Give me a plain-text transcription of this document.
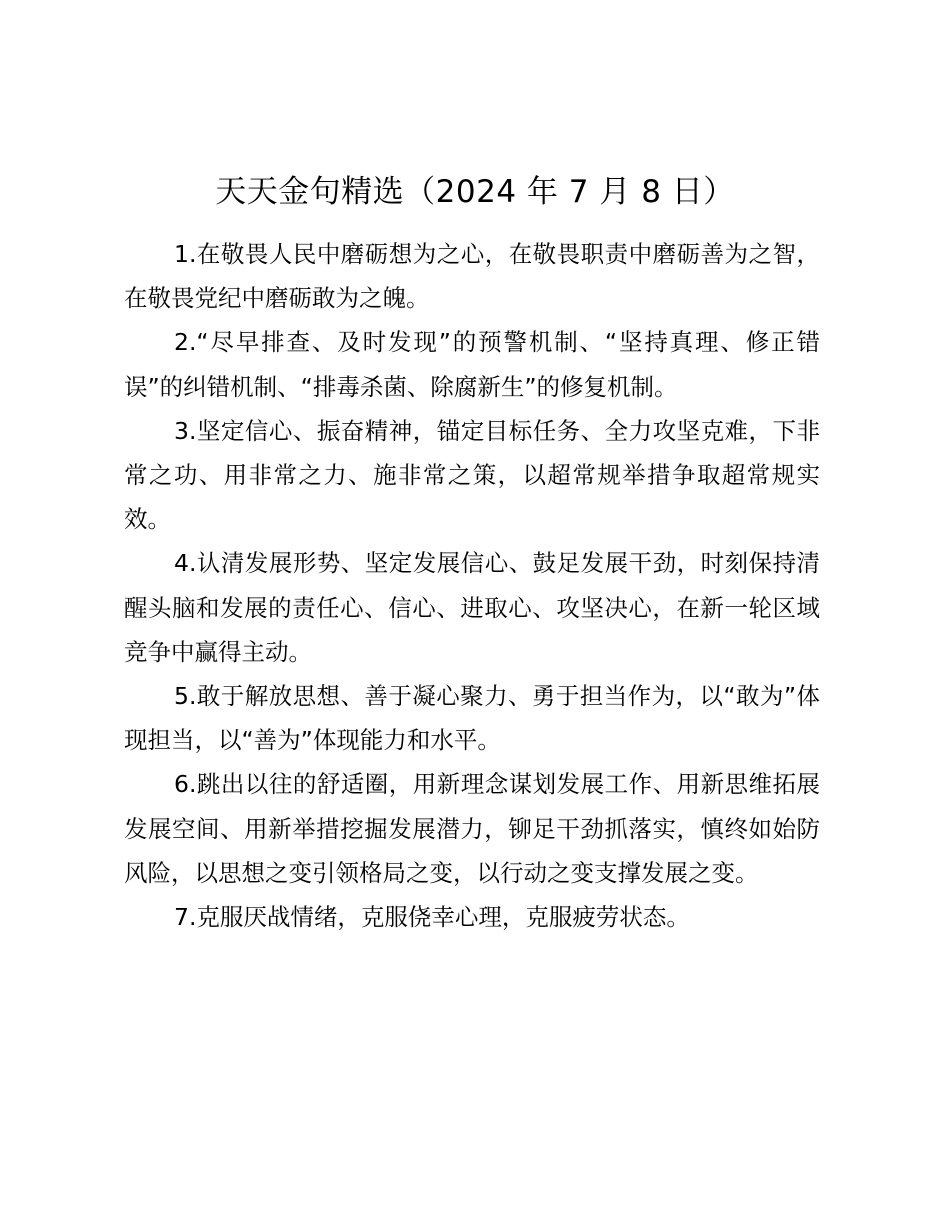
天天金句精选（2024 年 7 月 8 日）

1.在敬畏人民中磨砺想为之心，在敬畏职责中磨砺善为之智，在敬畏党纪中磨砺敢为之魄。

2.“尽早排查、及时发现”的预警机制、“坚持真理、修正错误”的纠错机制、“排毒杀菌、除腐新生”的修复机制。

3.坚定信心、振奋精神，锚定目标任务、全力攻坚克难，下非常之功、用非常之力、施非常之策，以超常规举措争取超常规实效。

4.认清发展形势、坚定发展信心、鼓足发展干劲，时刻保持清醒头脑和发展的责任心、信心、进取心、攻坚决心，在新一轮区域竞争中赢得主动。

5.敢于解放思想、善于凝心聚力、勇于担当作为，以“敢为”体现担当，以“善为”体现能力和水平。

6.跳出以往的舒适圈，用新理念谋划发展工作、用新思维拓展发展空间、用新举措挖掘发展潜力，铆足干劲抓落实，慎终如始防风险，以思想之变引领格局之变，以行动之变支撑发展之变。

7.克服厌战情绪，克服侥幸心理，克服疲劳状态。
